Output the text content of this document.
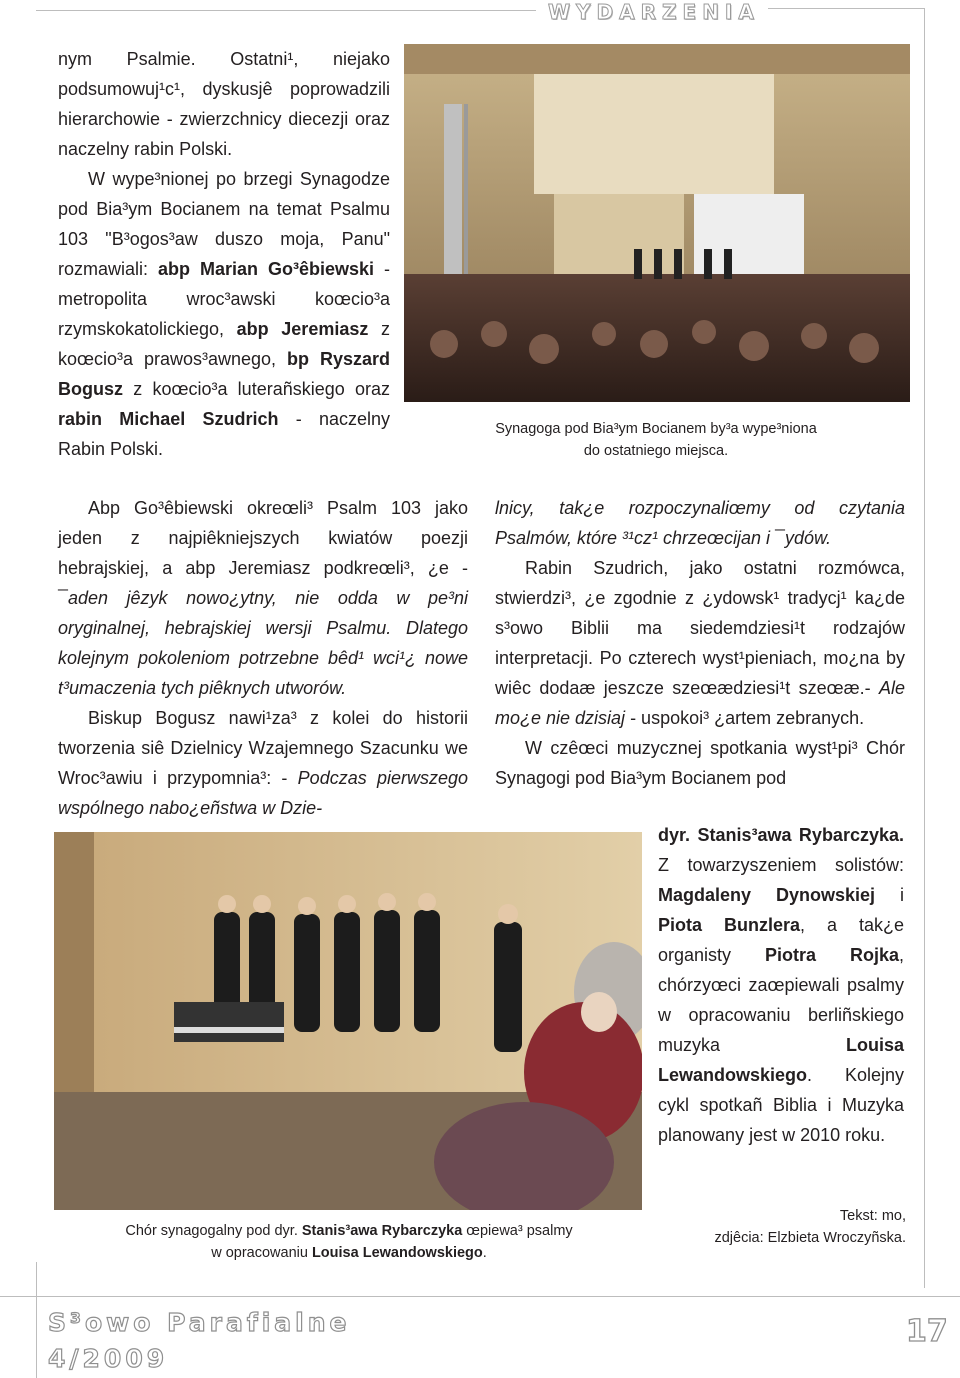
WYDARZENIA

nym Psalmie. Ostatni¹, niejako podsumowuj¹c¹, dyskusjê poprowadzili hierarchowie - zwierzchnicy diecezji oraz naczelny rabin Polski.

W wype³nionej po brzegi Synagodze pod Bia³ym Bocianem na temat Psalmu 103 "B³ogos³aw duszo moja, Panu" rozmawiali: abp Marian Go³êbiewski - metropolita wroc³awski koœcio³a rzymskokatolickiego, abp Jeremiasz z koœcio³a prawos³awnego, bp Ryszard Bogusz z koœcio³a luterañskiego oraz rabin Michael Szudrich - naczelny Rabin Polski.

Abp Go³êbiewski okreœli³ Psalm 103 jako jeden z najpiêkniejszych kwiatów poezji hebrajskiej, a abp Jeremiasz podkreœli³, ¿e - ¯aden jêzyk nowo¿ytny, nie odda w pe³ni oryginalnej, hebrajskiej wersji Psalmu. Dlatego kolejnym pokoleniom potrzebne bêd¹ wci¹¿ nowe t³umaczenia tych piêknych utworów.

Biskup Bogusz nawi¹za³ z kolei do historii tworzenia siê Dzielnicy Wzajemnego Szacunku we Wroc³awiu i przypomnia³: - Podczas pierwszego wspólnego nabo¿eñstwa w Dzie-

Synagoga pod Bia³ym Bocianem by³a wype³niona
do ostatniego miejsca.

lnicy, tak¿e rozpoczynaliœmy od czytania Psalmów, które ³¹cz¹ chrzeœcijan i ¯ydów.

Rabin Szudrich, jako ostatni rozmówca, stwierdzi³, ¿e zgodnie z ¿ydowsk¹ tradycj¹ ka¿de s³owo Biblii ma siedemdziesi¹t rodzajów interpretacji. Po czterech wyst¹pieniach, mo¿na by wiêc dodaæ jeszcze szeœædziesi¹t szeœæ.- Ale mo¿e nie dzisiaj - uspokoi³ ¿artem zebranych.

W czêœci muzycznej spotkania wyst¹pi³ Chór Synagogi pod Bia³ym Bocianem pod

dyr. Stanis³awa Rybarczyka. Z towarzyszeniem solistów: Magdaleny Dynowskiej i Piota Bunzlera, a tak¿e organisty Piotra Rojka, chórzyœci zaœpiewali psalmy w opracowaniu berliñskiego muzyka Louisa Lewandowskiego. Kolejny cykl spotkañ Biblia i Muzyka planowany jest w 2010 roku.

Chór synagogalny pod dyr. Stanis³awa Rybarczyka œpiewa³ psalmy
w opracowaniu Louisa Lewandowskiego.
Tekst: mo,
zdjêcia: Elzbieta Wroczyñska.
S³owo Parafialne
4/2009
17
